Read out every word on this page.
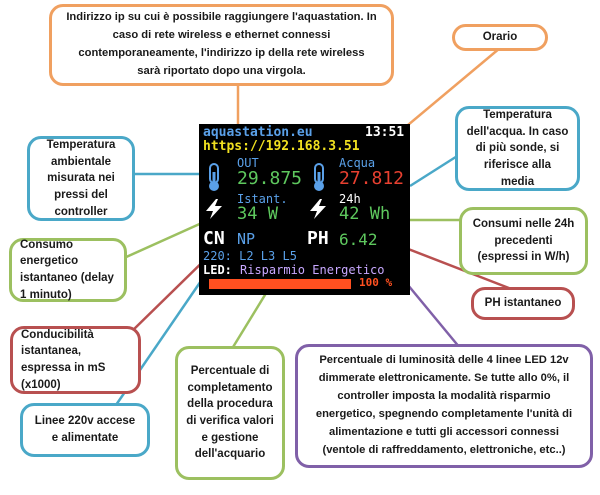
Indirizzo ip su cui è possibile raggiungere l'aquastation. In caso di rete wireless e ethernet connessi contemporaneamente, l'indirizzo ip della rete wireless sarà riportato dopo una virgola.
Orario
Temperatura ambientale misurata nei pressi del controller
Temperatura dell'acqua. In caso di più sonde, si riferisce alla media
Consumo energetico istantaneo (delay 1 minuto)
Consumi nelle 24h precedenti (espressi in W/h)
PH istantaneo
Conducibilità istantanea, espressa in mS (x1000)
Linee 220v accese e alimentate
Percentuale di completamento della procedura di verifica valori e gestione dell'acquario
Percentuale di luminosità delle 4 linee LED 12v dimmerate elettronicamente. Se tutte allo 0%, il controller imposta la modalità risparmio energetico, spegnendo completamente l'unità di alimentazione e tutti gli accessori connessi (ventole di raffreddamento, elettroniche, etc..)
aquastation.eu	13:51
https://192.168.3.51
OUT
29.875
Acqua
27.812
Istant.
34 W
24h
42 Wh
CN NP	PH 6.42
220: L2 L3 L5
LED: Risparmio Energetico
100 %
